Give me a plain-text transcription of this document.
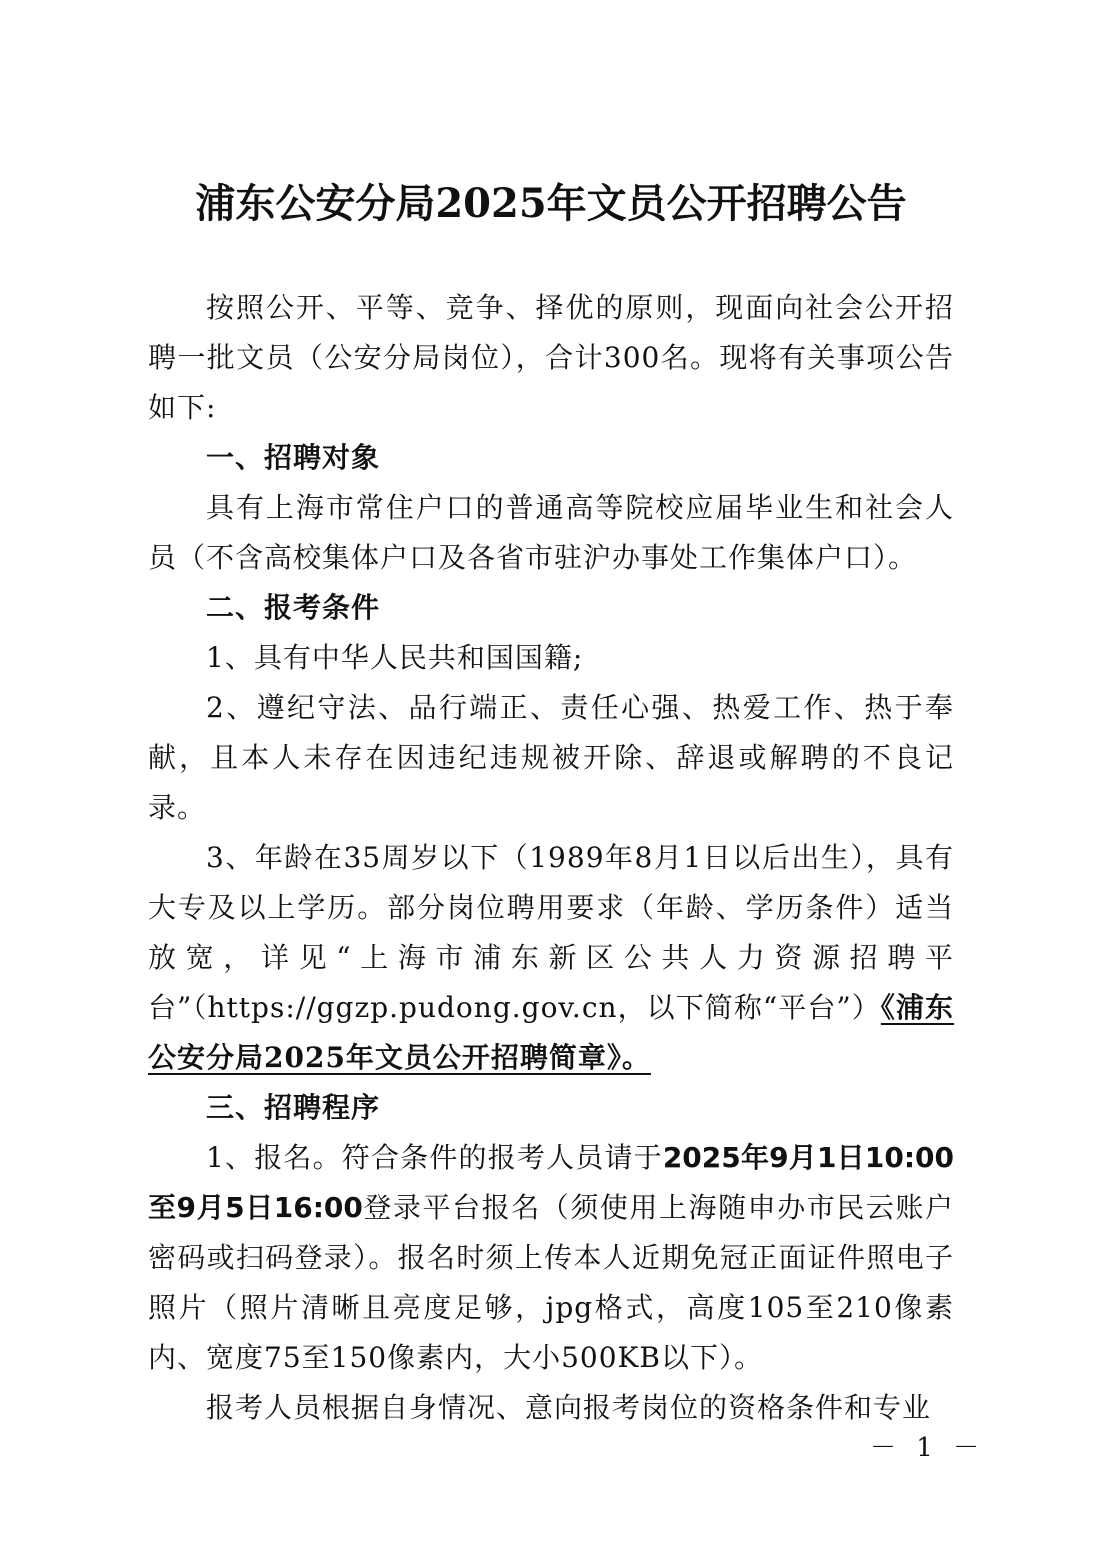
浦东公安分局2025年文员公开招聘公告

按照公开、平等、竞争、择优的原则，现面向社会公开招聘一批文员（公安分局岗位），合计300名。现将有关事项公告如下:

一、招聘对象

具有上海市常住户口的普通高等院校应届毕业生和社会人员（不含高校集体户口及各省市驻沪办事处工作集体户口）。

二、报考条件

1、具有中华人民共和国国籍;

2、遵纪守法、品行端正、责任心强、热爱工作、热于奉献，且本人未存在因违纪违规被开除、辞退或解聘的不良记录。

3、年龄在35周岁以下（1989年8月1日以后出生），具有大专及以上学历。部分岗位聘用要求（年龄、学历条件）适当放宽，详见“上海市浦东新区公共人力资源招聘平台”（https://ggzp.pudong.gov.cn，以下简称“平台”）《浦东公安分局2025年文员公开招聘简章》。

三、招聘程序

1、报名。符合条件的报考人员请于2025年9月1日10:00至9月5日16:00登录平台报名（须使用上海随申办市民云账户密码或扫码登录）。报名时须上传本人近期免冠正面证件照电子照片（照片清晰且亮度足够，jpg格式，高度105至210像素内、宽度75至150像素内，大小500KB以下）。

报考人员根据自身情况、意向报考岗位的资格条件和专业

－ 1 －
